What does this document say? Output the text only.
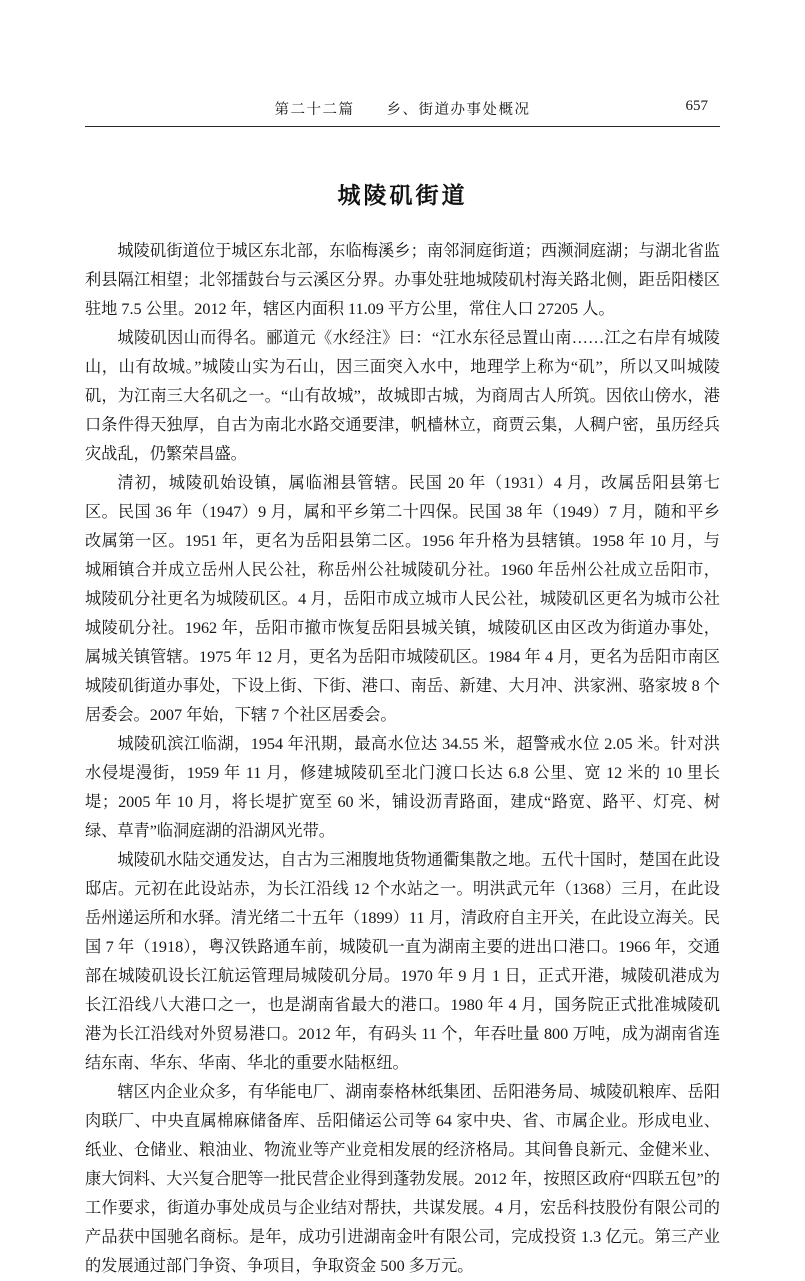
第二十二篇　　乡、街道办事处概况	657
城陵矶街道

城陵矶街道位于城区东北部，东临梅溪乡；南邻洞庭街道；西濒洞庭湖；与湖北省监利县隔江相望；北邻擂鼓台与云溪区分界。办事处驻地城陵矶村海关路北侧，距岳阳楼区驻地 7.5 公里。2012 年，辖区内面积 11.09 平方公里，常住人口 27205 人。

城陵矶因山而得名。郦道元《水经注》曰：“江水东径忌置山南……江之右岸有城陵山，山有故城。”城陵山实为石山，因三面突入水中，地理学上称为“矶”，所以又叫城陵矶，为江南三大名矶之一。“山有故城”，故城即古城，为商周古人所筑。因依山傍水，港口条件得天独厚，自古为南北水路交通要津，帆樯林立，商贾云集，人稠户密，虽历经兵灾战乱，仍繁荣昌盛。

清初，城陵矶始设镇，属临湘县管辖。民国 20 年（1931）4 月，改属岳阳县第七区。民国 36 年（1947）9 月，属和平乡第二十四保。民国 38 年（1949）7 月，随和平乡改属第一区。1951 年，更名为岳阳县第二区。1956 年升格为县辖镇。1958 年 10 月，与城厢镇合并成立岳州人民公社，称岳州公社城陵矶分社。1960 年岳州公社成立岳阳市，城陵矶分社更名为城陵矶区。4 月，岳阳市成立城市人民公社，城陵矶区更名为城市公社城陵矶分社。1962 年，岳阳市撤市恢复岳阳县城关镇，城陵矶区由区改为街道办事处，属城关镇管辖。1975 年 12 月，更名为岳阳市城陵矶区。1984 年 4 月，更名为岳阳市南区城陵矶街道办事处，下设上街、下街、港口、南岳、新建、大月冲、洪家洲、骆家坡 8 个居委会。2007 年始，下辖 7 个社区居委会。

城陵矶滨江临湖，1954 年汛期，最高水位达 34.55 米，超警戒水位 2.05 米。针对洪水侵堤漫街，1959 年 11 月，修建城陵矶至北门渡口长达 6.8 公里、宽 12 米的 10 里长堤；2005 年 10 月，将长堤扩宽至 60 米，铺设沥青路面，建成“路宽、路平、灯亮、树绿、草青”临洞庭湖的沿湖风光带。

城陵矶水陆交通发达，自古为三湘腹地货物通衢集散之地。五代十国时，楚国在此设邸店。元初在此设站赤，为长江沿线 12 个水站之一。明洪武元年（1368）三月，在此设岳州递运所和水驿。清光绪二十五年（1899）11 月，清政府自主开关，在此设立海关。民国 7 年（1918），粤汉铁路通车前，城陵矶一直为湖南主要的进出口港口。1966 年，交通部在城陵矶设长江航运管理局城陵矶分局。1970 年 9 月 1 日，正式开港，城陵矶港成为长江沿线八大港口之一，也是湖南省最大的港口。1980 年 4 月，国务院正式批准城陵矶港为长江沿线对外贸易港口。2012 年，有码头 11 个，年吞吐量 800 万吨，成为湖南省连结东南、华东、华南、华北的重要水陆枢纽。

辖区内企业众多，有华能电厂、湖南泰格林纸集团、岳阳港务局、城陵矶粮库、岳阳肉联厂、中央直属棉麻储备库、岳阳储运公司等 64 家中央、省、市属企业。形成电业、纸业、仓储业、粮油业、物流业等产业竞相发展的经济格局。其间鲁良新元、金健米业、康大饲料、大兴复合肥等一批民营企业得到蓬勃发展。2012 年，按照区政府“四联五包”的工作要求，街道办事处成员与企业结对帮扶，共谋发展。4 月，宏岳科技股份有限公司的产品获中国驰名商标。是年，成功引进湖南金叶有限公司，完成投资 1.3 亿元。第三产业的发展通过部门争资、争项目，争取资金 500 多万元。
